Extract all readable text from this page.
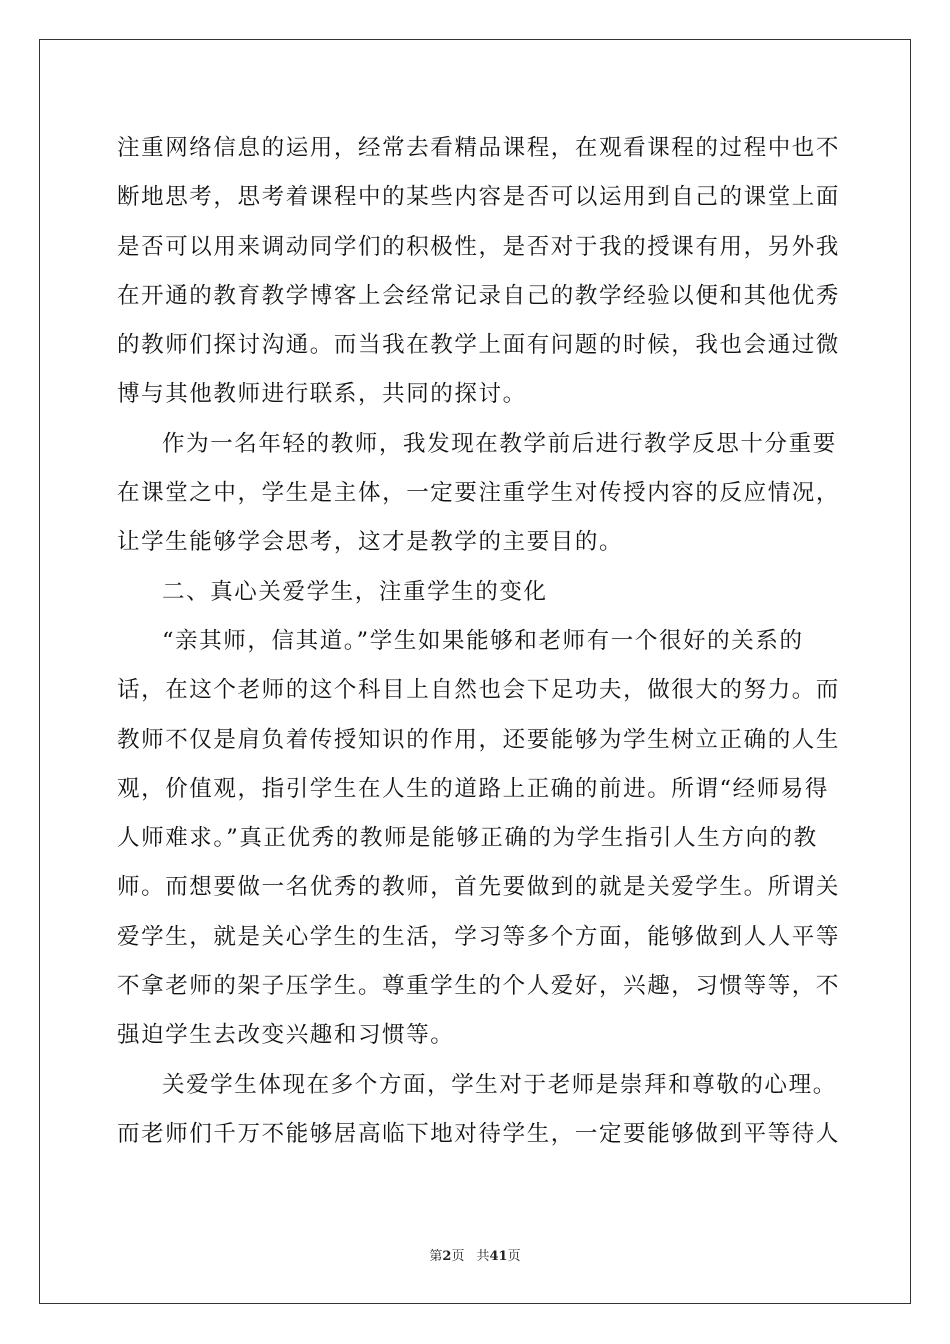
注重网络信息的运用，经常去看精品课程，在观看课程的过程中也不
断地思考，思考着课程中的某些内容是否可以运用到自己的课堂上面
是否可以用来调动同学们的积极性，是否对于我的授课有用，另外我
在开通的教育教学博客上会经常记录自己的教学经验以便和其他优秀
的教师们探讨沟通。而当我在教学上面有问题的时候，我也会通过微
博与其他教师进行联系，共同的探讨。
作为一名年轻的教师，我发现在教学前后进行教学反思十分重要
在课堂之中，学生是主体，一定要注重学生对传授内容的反应情况，
让学生能够学会思考，这才是教学的主要目的。
二、真心关爱学生，注重学生的变化
“亲其师，信其道。”学生如果能够和老师有一个很好的关系的
话，在这个老师的这个科目上自然也会下足功夫，做很大的努力。而
教师不仅是肩负着传授知识的作用，还要能够为学生树立正确的人生
观，价值观，指引学生在人生的道路上正确的前进。所谓“经师易得
人师难求。”真正优秀的教师是能够正确的为学生指引人生方向的教
师。而想要做一名优秀的教师，首先要做到的就是关爱学生。所谓关
爱学生，就是关心学生的生活，学习等多个方面，能够做到人人平等
不拿老师的架子压学生。尊重学生的个人爱好，兴趣，习惯等等，不
强迫学生去改变兴趣和习惯等。
关爱学生体现在多个方面，学生对于老师是崇拜和尊敬的心理。
而老师们千万不能够居高临下地对待学生，一定要能够做到平等待人
第2页 共41页
